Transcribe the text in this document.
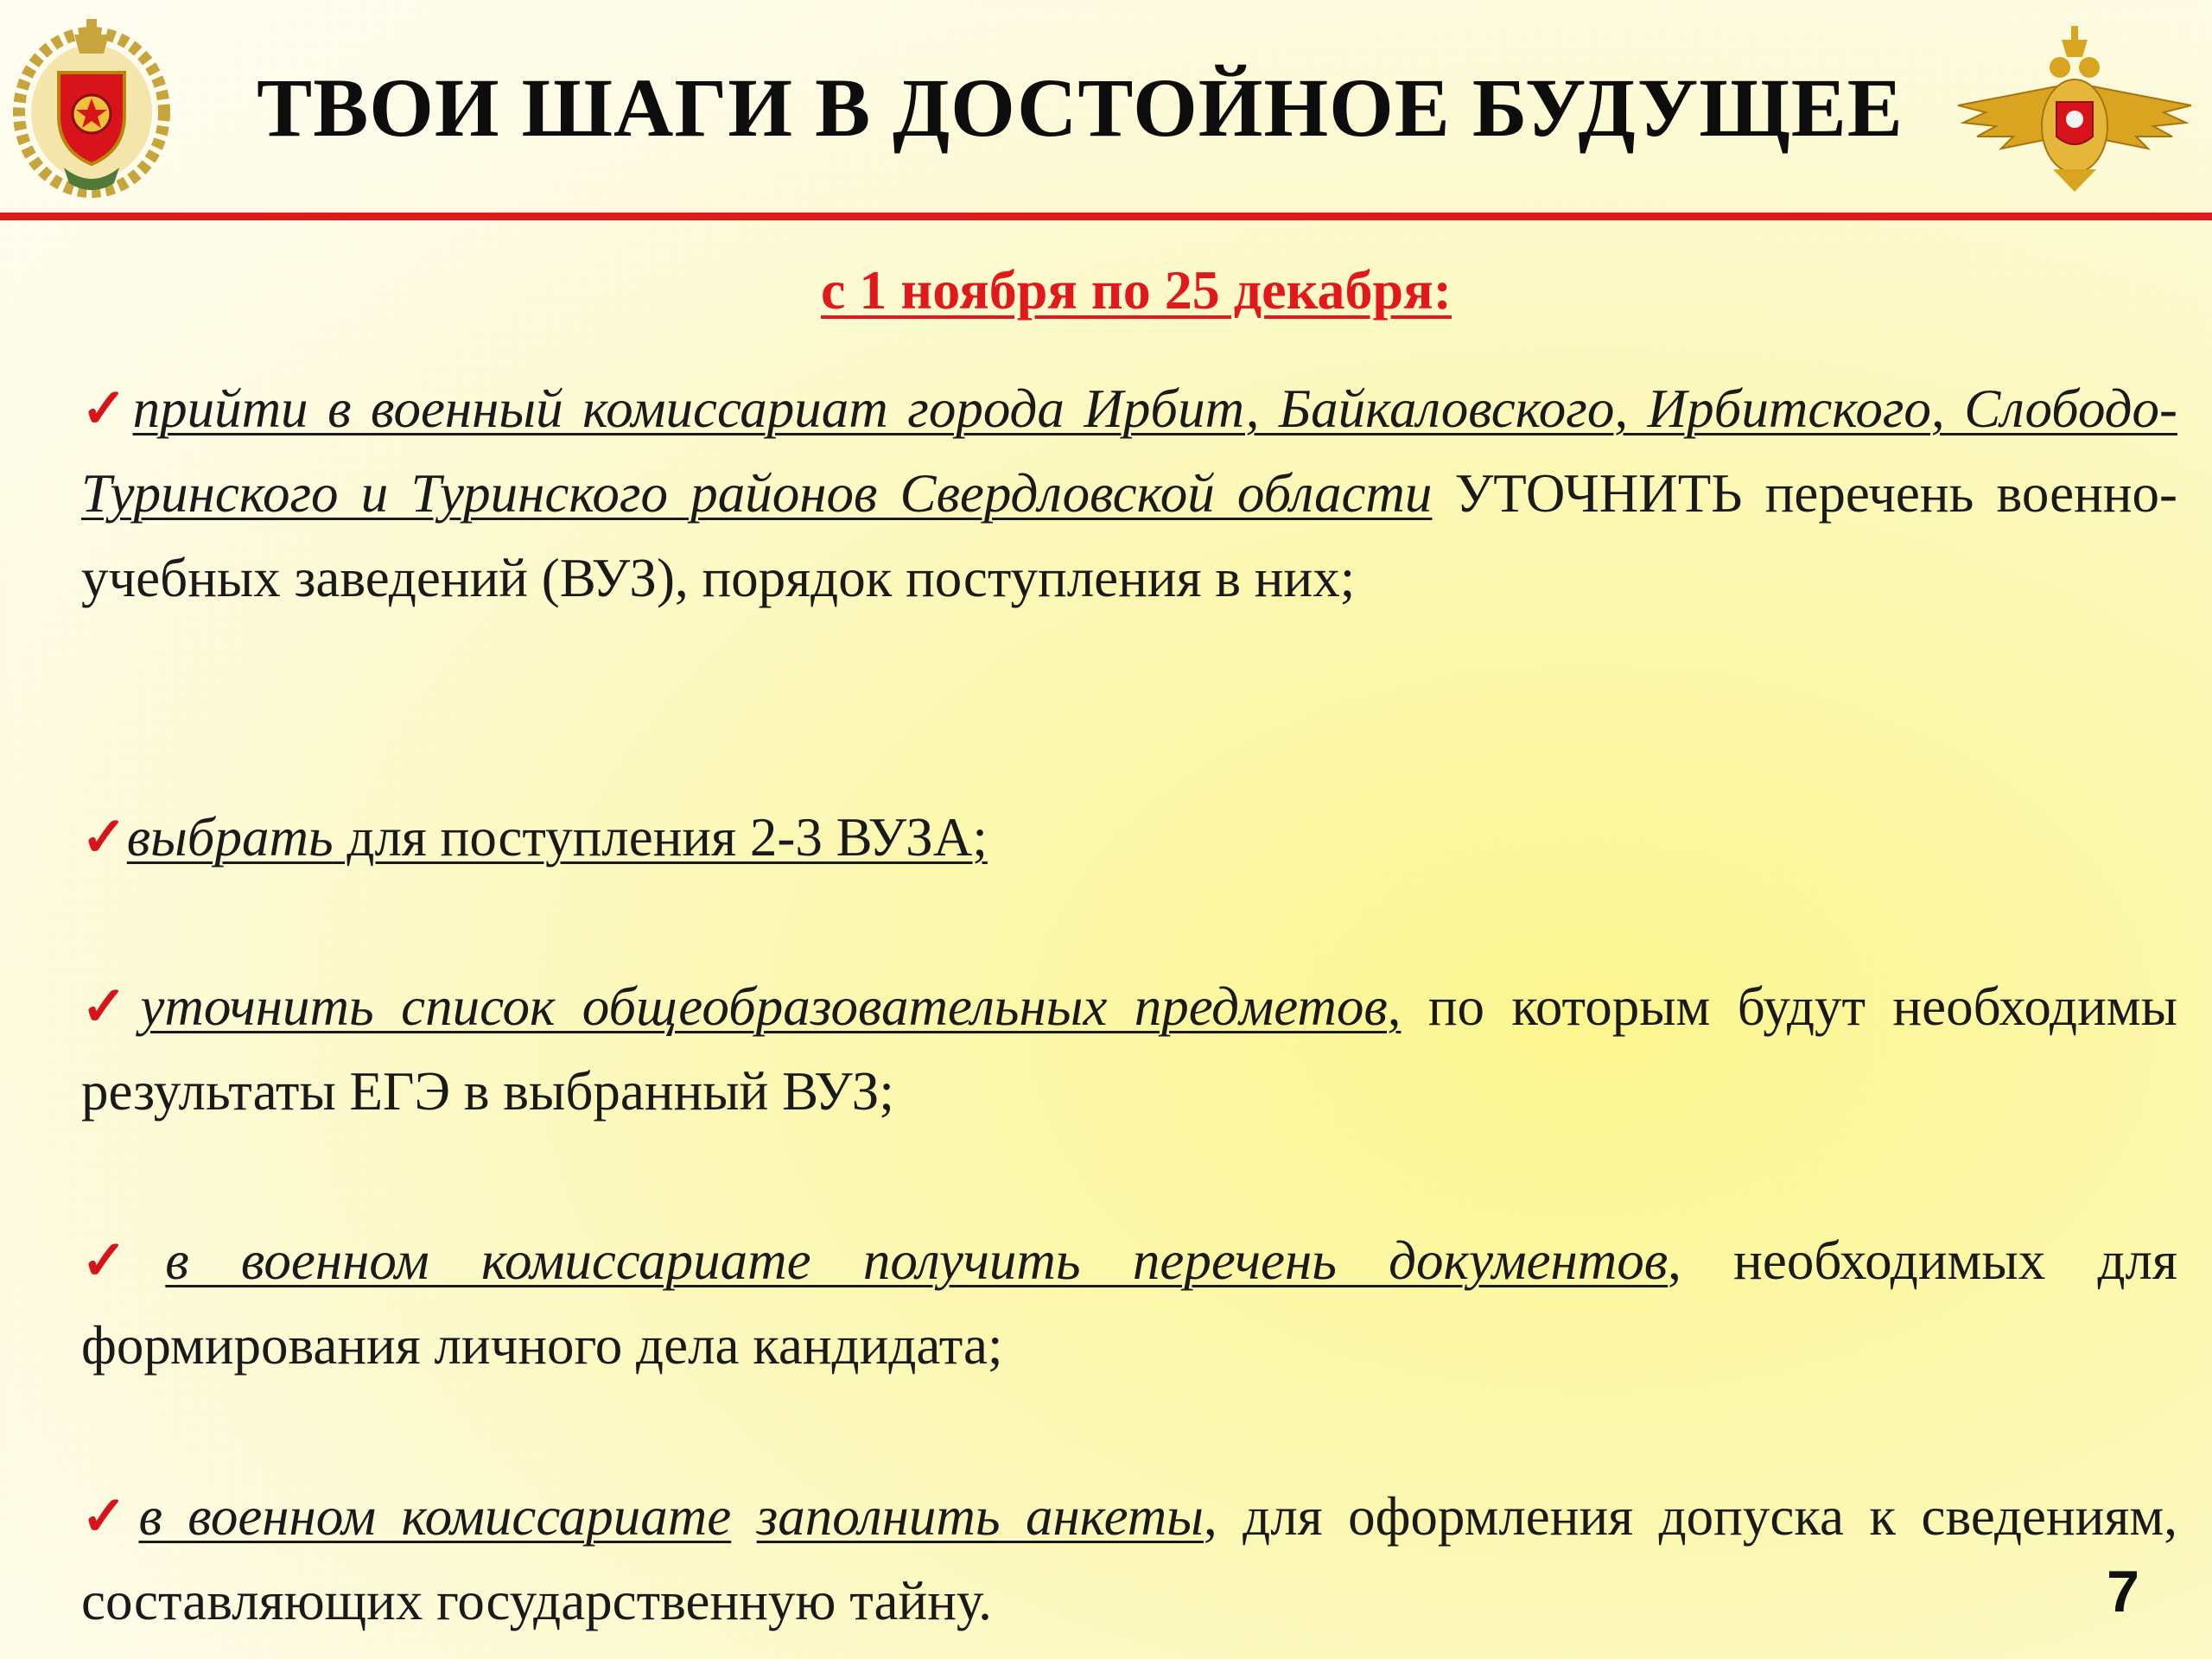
ТВОИ ШАГИ В ДОСТОЙНОЕ БУДУЩЕЕ
с 1 ноября по 25 декабря:
✓прийти в военный комиссариат города Ирбит, Байкаловского, Ирбитского, Слободо-Туринского и Туринского районов Свердловской области УТОЧНИТЬ перечень военно-учебных заведений (ВУЗ), порядок поступления в них;
✓выбрать для поступления 2-3 ВУЗА;
✓уточнить список общеобразовательных предметов, по которым будут необходимы результаты ЕГЭ в выбранный ВУЗ;
✓в военном комиссариате получить перечень документов, необходимых для формирования личного дела кандидата;
✓в военном комиссариате заполнить анкеты, для оформления допуска к сведениям, составляющих государственную тайну.	7
